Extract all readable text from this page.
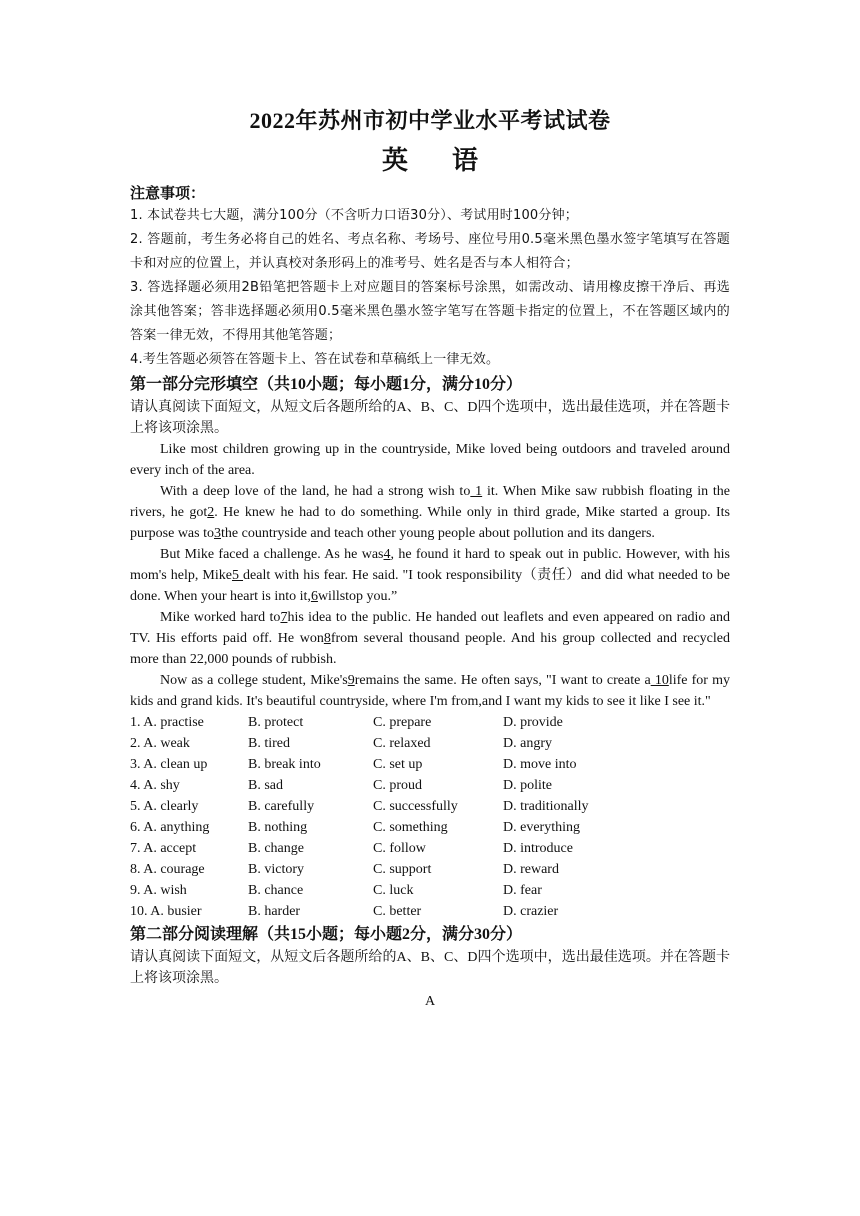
2022年苏州市初中学业水平考试试卷
英 语
注意事项：
1. 本试卷共七大题，满分100分（不含听力口语30分）、考试用时100分钟；
2. 答题前，考生务必将自己的姓名、考点名称、考场号、座位号用0.5毫米黑色墨水签字笔填写在答题卡和对应的位置上，并认真校对条形码上的准考号、姓名是否与本人相符合；
3. 答选择题必须用2B铅笔把答题卡上对应题目的答案标号涂黑，如需改动、请用橡皮擦干净后、再选涂其他答案；答非选择题必须用0.5毫米黑色墨水签字笔写在答题卡指定的位置上，不在答题区域内的答案一律无效，不得用其他笔答题；
4.考生答题必须答在答题卡上、答在试卷和草稿纸上一律无效。
第一部分完形填空（共10小题；每小题1分，满分10分）
请认真阅读下面短文，从短文后各题所给的A、B、C、D四个选项中，选出最佳选项，并在答题卡上将该项涂黑。
Like most children growing up in the countryside, Mike loved being outdoors and traveled around every inch of the area.
With a deep love of the land, he had a strong wish to 1 it. When Mike saw rubbish floating in the rivers, he got2. He knew he had to do something. While only in third grade, Mike started a group. Its purpose was to3the countryside and teach other young people about pollution and its dangers.
But Mike faced a challenge. As he was4, he found it hard to speak out in public. However, with his mom's help, Mike5 dealt with his fear. He said. "I took responsibility（责任）and did what needed to be done. When your heart is into it,6willstop you.”
Mike worked hard to7his idea to the public. He handed out leaflets and even appeared on radio and TV. His efforts paid off. He won8from several thousand people. And his group collected and recycled more than 22,000 pounds of rubbish.
Now as a college student, Mike's9remains the same. He often says, "I want to create a 10life for my kids and grand kids. It's beautiful countryside, where I'm from,and I want my kids to see it like I see it."
1. A. practise	B. protect	C. prepare	D. provide
2. A. weak	B. tired	C. relaxed	D. angry
3. A. clean up	B. break into	C. set up	D. move into
4. A. shy	B. sad	C. proud	D. polite
5. A. clearly	B. carefully	C. successfully	D. traditionally
6. A. anything	B. nothing	C. something	D. everything
7. A. accept	B. change	C. follow	D. introduce
8. A. courage	B. victory	C. support	D. reward
9. A. wish	B. chance	C. luck	D. fear
10. A. busier	B. harder	C. better	D. crazier
第二部分阅读理解（共15小题；每小题2分，满分30分）
请认真阅读下面短文，从短文后各题所给的A、B、C、D四个选项中，选出最佳选项。并在答题卡上将该项涂黑。
A
